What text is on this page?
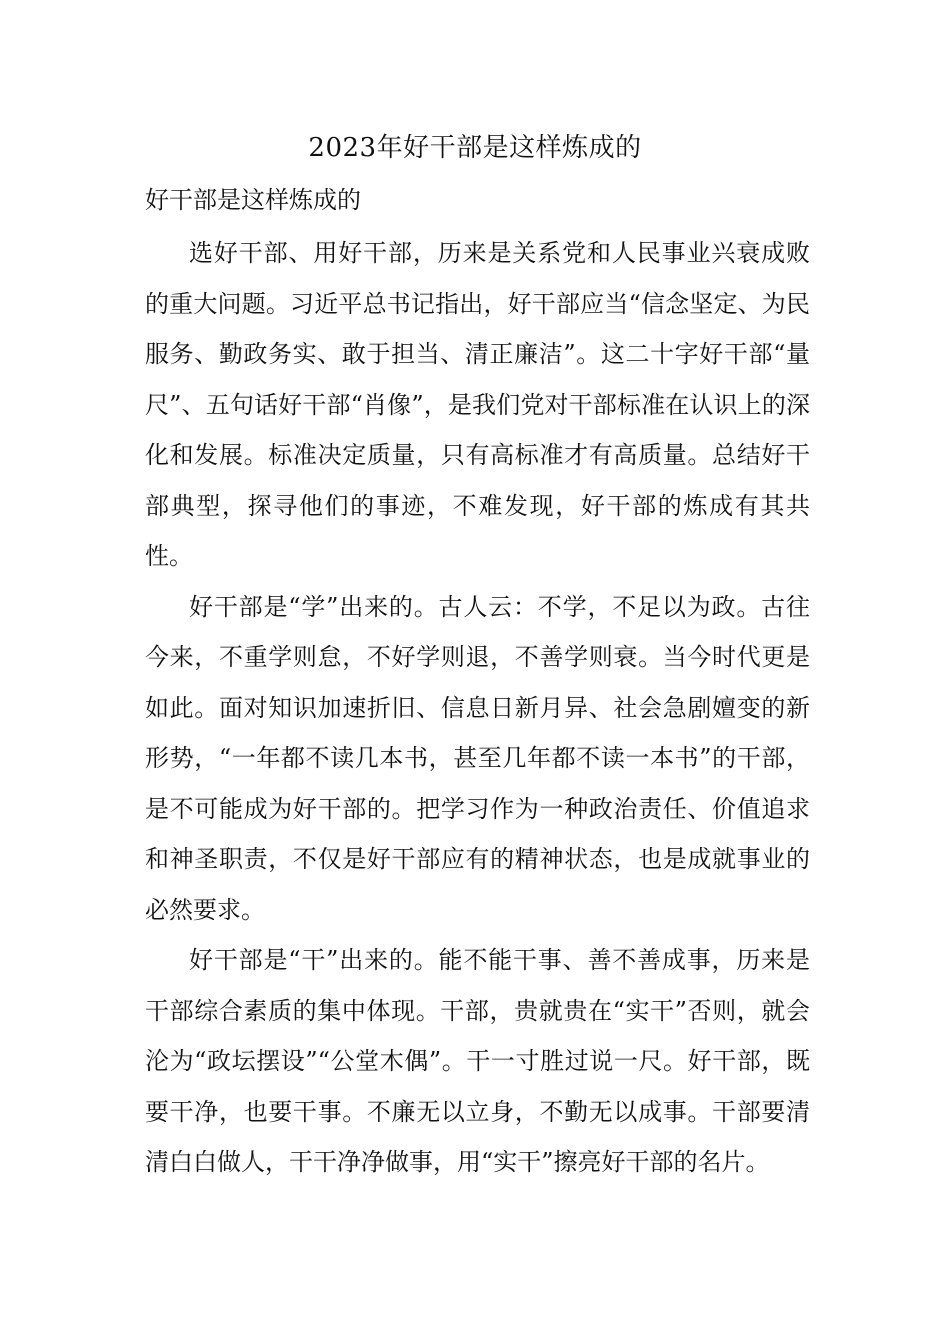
2023年好干部是这样炼成的
好干部是这样炼成的

选好干部、用好干部，历来是关系党和人民事业兴衰成败的重大问题。习近平总书记指出，好干部应当“信念坚定、为民服务、勤政务实、敢于担当、清正廉洁”。这二十字好干部“量尺”、五句话好干部“肖像”，是我们党对干部标准在认识上的深化和发展。标准决定质量，只有高标准才有高质量。总结好干部典型，探寻他们的事迹，不难发现，好干部的炼成有其共性。

好干部是“学”出来的。古人云：不学，不足以为政。古往今来，不重学则怠，不好学则退，不善学则衰。当今时代更是如此。面对知识加速折旧、信息日新月异、社会急剧嬗变的新形势，“一年都不读几本书，甚至几年都不读一本书”的干部，是不可能成为好干部的。把学习作为一种政治责任、价值追求和神圣职责，不仅是好干部应有的精神状态，也是成就事业的必然要求。

好干部是“干”出来的。能不能干事、善不善成事，历来是干部综合素质的集中体现。干部，贵就贵在“实干”否则，就会沦为“政坛摆设”“公堂木偶”。干一寸胜过说一尺。好干部，既要干净，也要干事。不廉无以立身，不勤无以成事。干部要清清白白做人，干干净净做事，用“实干”擦亮好干部的名片。
